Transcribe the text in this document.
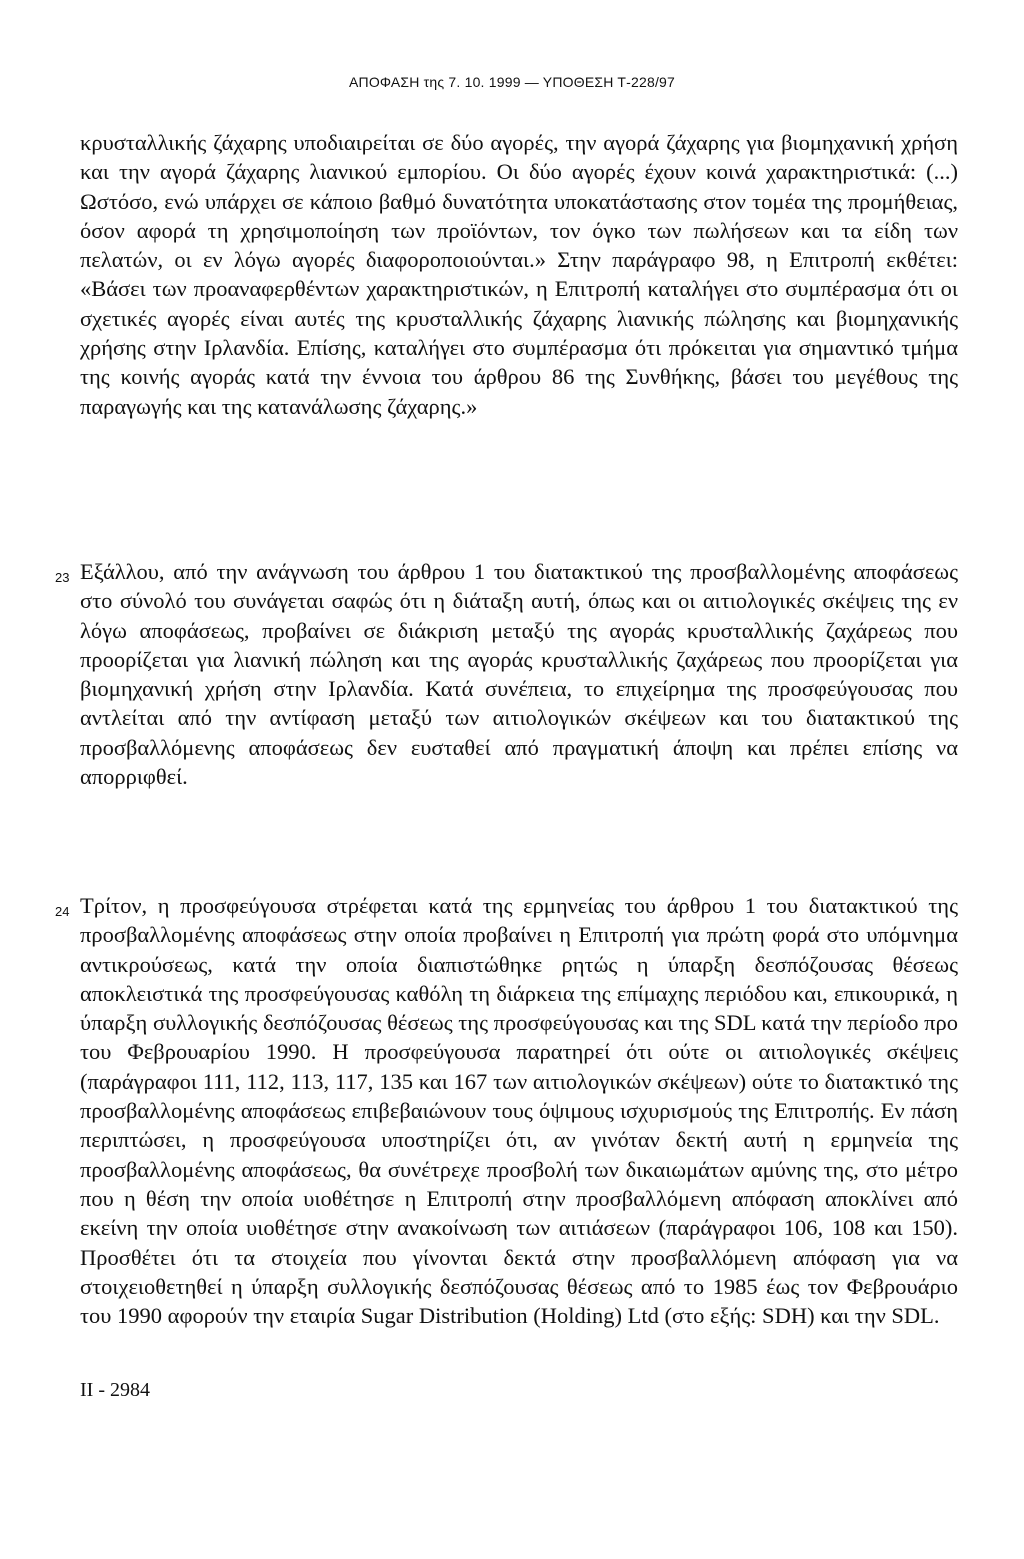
ΑΠΟΦΑΣΗ της 7. 10. 1999 — ΥΠΟΘΕΣΗ Τ-228/97

κρυσταλλικής ζάχαρης υποδιαιρείται σε δύο αγορές, την αγορά ζάχαρης για βιομηχανική χρήση και την αγορά ζάχαρης λιανικού εμπορίου. Οι δύο αγορές έχουν κοινά χαρακτηριστικά: (...) Ωστόσο, ενώ υπάρχει σε κάποιο βαθμό δυνατότητα υποκατάστασης στον τομέα της προμήθειας, όσον αφορά τη χρησιμοποίηση των προϊόντων, τον όγκο των πωλήσεων και τα είδη των πελατών, οι εν λόγω αγορές διαφοροποιούνται.» Στην παράγραφο 98, η Επιτροπή εκθέτει: «Βάσει των προαναφερθέντων χαρακτηριστικών, η Επιτροπή καταλήγει στο συμπέρασμα ότι οι σχετικές αγορές είναι αυτές της κρυσταλλικής ζάχαρης λιανικής πώλησης και βιομηχανικής χρήσης στην Ιρλανδία. Επίσης, καταλήγει στο συμπέρασμα ότι πρόκειται για σημαντικό τμήμα της κοινής αγοράς κατά την έννοια του άρθρου 86 της Συνθήκης, βάσει του μεγέθους της παραγωγής και της κατανάλωσης ζάχαρης.»

23 Εξάλλου, από την ανάγνωση του άρθρου 1 του διατακτικού της προσβαλλομένης αποφάσεως στο σύνολό του συνάγεται σαφώς ότι η διάταξη αυτή, όπως και οι αιτιολογικές σκέψεις της εν λόγω αποφάσεως, προβαίνει σε διάκριση μεταξύ της αγοράς κρυσταλλικής ζαχάρεως που προορίζεται για λιανική πώληση και της αγοράς κρυσταλλικής ζαχάρεως που προορίζεται για βιομηχανική χρήση στην Ιρλανδία. Κατά συνέπεια, το επιχείρημα της προσφεύγουσας που αντλείται από την αντίφαση μεταξύ των αιτιολογικών σκέψεων και του διατακτικού της προσβαλλόμενης αποφάσεως δεν ευσταθεί από πραγματική άποψη και πρέπει επίσης να απορριφθεί.

24 Τρίτον, η προσφεύγουσα στρέφεται κατά της ερμηνείας του άρθρου 1 του διατακτικού της προσβαλλομένης αποφάσεως στην οποία προβαίνει η Επιτροπή για πρώτη φορά στο υπόμνημα αντικρούσεως, κατά την οποία διαπιστώθηκε ρητώς η ύπαρξη δεσπόζουσας θέσεως αποκλειστικά της προσφεύγουσας καθόλη τη διάρκεια της επίμαχης περιόδου και, επικουρικά, η ύπαρξη συλλογικής δεσπόζουσας θέσεως της προσφεύγουσας και της SDL κατά την περίοδο προ του Φεβρουαρίου 1990. Η προσφεύγουσα παρατηρεί ότι ούτε οι αιτιολογικές σκέψεις (παράγραφοι 111, 112, 113, 117, 135 και 167 των αιτιολογικών σκέψεων) ούτε το διατακτικό της προσβαλλομένης αποφάσεως επιβεβαιώνουν τους όψιμους ισχυρισμούς της Επιτροπής. Εν πάση περιπτώσει, η προσφεύγουσα υποστηρίζει ότι, αν γινόταν δεκτή αυτή η ερμηνεία της προσβαλλομένης αποφάσεως, θα συνέτρεχε προσβολή των δικαιωμάτων αμύνης της, στο μέτρο που η θέση την οποία υιοθέτησε η Επιτροπή στην προσβαλλόμενη απόφαση αποκλίνει από εκείνη την οποία υιοθέτησε στην ανακοίνωση των αιτιάσεων (παράγραφοι 106, 108 και 150). Προσθέτει ότι τα στοιχεία που γίνονται δεκτά στην προσβαλλόμενη απόφαση για να στοιχειοθετηθεί η ύπαρξη συλλογικής δεσπόζουσας θέσεως από το 1985 έως τον Φεβρουάριο του 1990 αφορούν την εταιρία Sugar Distribution (Holding) Ltd (στο εξής: SDH) και την SDL.

II - 2984
